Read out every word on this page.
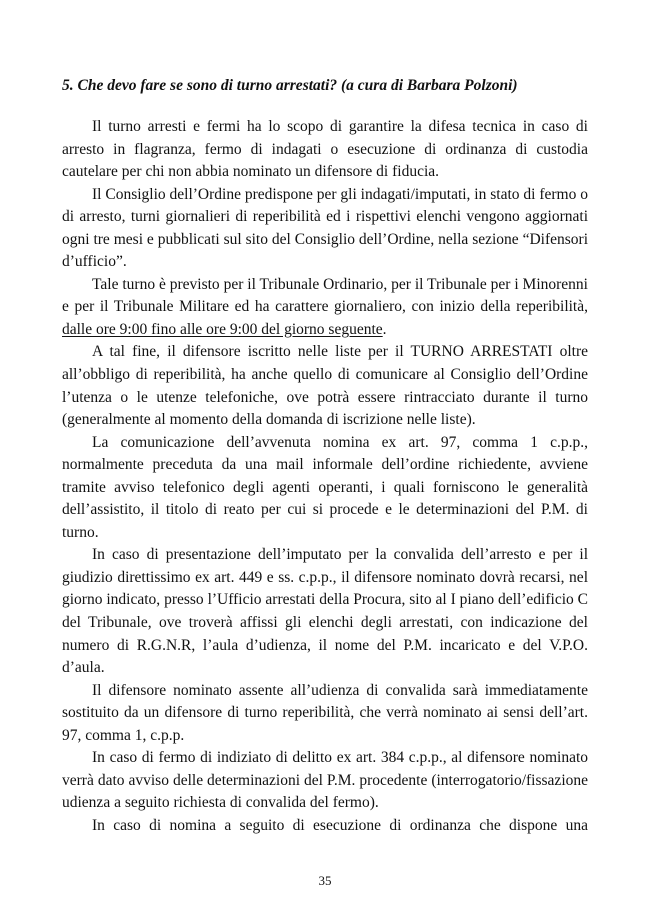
5. Che devo fare se sono di turno arrestati? (a cura di Barbara Polzoni)

Il turno arresti e fermi ha lo scopo di garantire la difesa tecnica in caso di arresto in flagranza, fermo di indagati o esecuzione di ordinanza di custodia cautelare per chi non abbia nominato un difensore di fiducia.

Il Consiglio dell’Ordine predispone per gli indagati/imputati, in stato di fermo o di arresto, turni giornalieri di reperibilità ed i rispettivi elenchi vengono aggiornati ogni tre mesi e pubblicati sul sito del Consiglio dell’Ordine, nella sezione “Difensori d’ufficio”.

Tale turno è previsto per il Tribunale Ordinario, per il Tribunale per i Minorenni e per il Tribunale Militare ed ha carattere giornaliero, con inizio della reperibilità, dalle ore 9:00 fino alle ore 9:00 del giorno seguente.

A tal fine, il difensore iscritto nelle liste per il TURNO ARRESTATI oltre all’obbligo di reperibilità, ha anche quello di comunicare al Consiglio dell’Ordine l’utenza o le utenze telefoniche, ove potrà essere rintracciato durante il turno (generalmente al momento della domanda di iscrizione nelle liste).

La comunicazione dell’avvenuta nomina ex art. 97, comma 1 c.p.p., normalmente preceduta da una mail informale dell’ordine richiedente, avviene tramite avviso telefonico degli agenti operanti, i quali forniscono le generalità dell’assistito, il titolo di reato per cui si procede e le determinazioni del P.M. di turno.

In caso di presentazione dell’imputato per la convalida dell’arresto e per il giudizio direttissimo ex art. 449 e ss. c.p.p., il difensore nominato dovrà recarsi, nel giorno indicato, presso l’Ufficio arrestati della Procura, sito al I piano dell’edificio C del Tribunale, ove troverà affissi gli elenchi degli arrestati, con indicazione del numero di R.G.N.R, l’aula d’udienza, il nome del P.M. incaricato e del V.P.O. d’aula.

Il difensore nominato assente all’udienza di convalida sarà immediatamente sostituito da un difensore di turno reperibilità, che verrà nominato ai sensi dell’art. 97, comma 1, c.p.p.

In caso di fermo di indiziato di delitto ex art. 384 c.p.p., al difensore nominato verrà dato avviso delle determinazioni del P.M. procedente (interrogatorio/fissazione udienza a seguito richiesta di convalida del fermo).

In caso di nomina a seguito di esecuzione di ordinanza che dispone una

35
